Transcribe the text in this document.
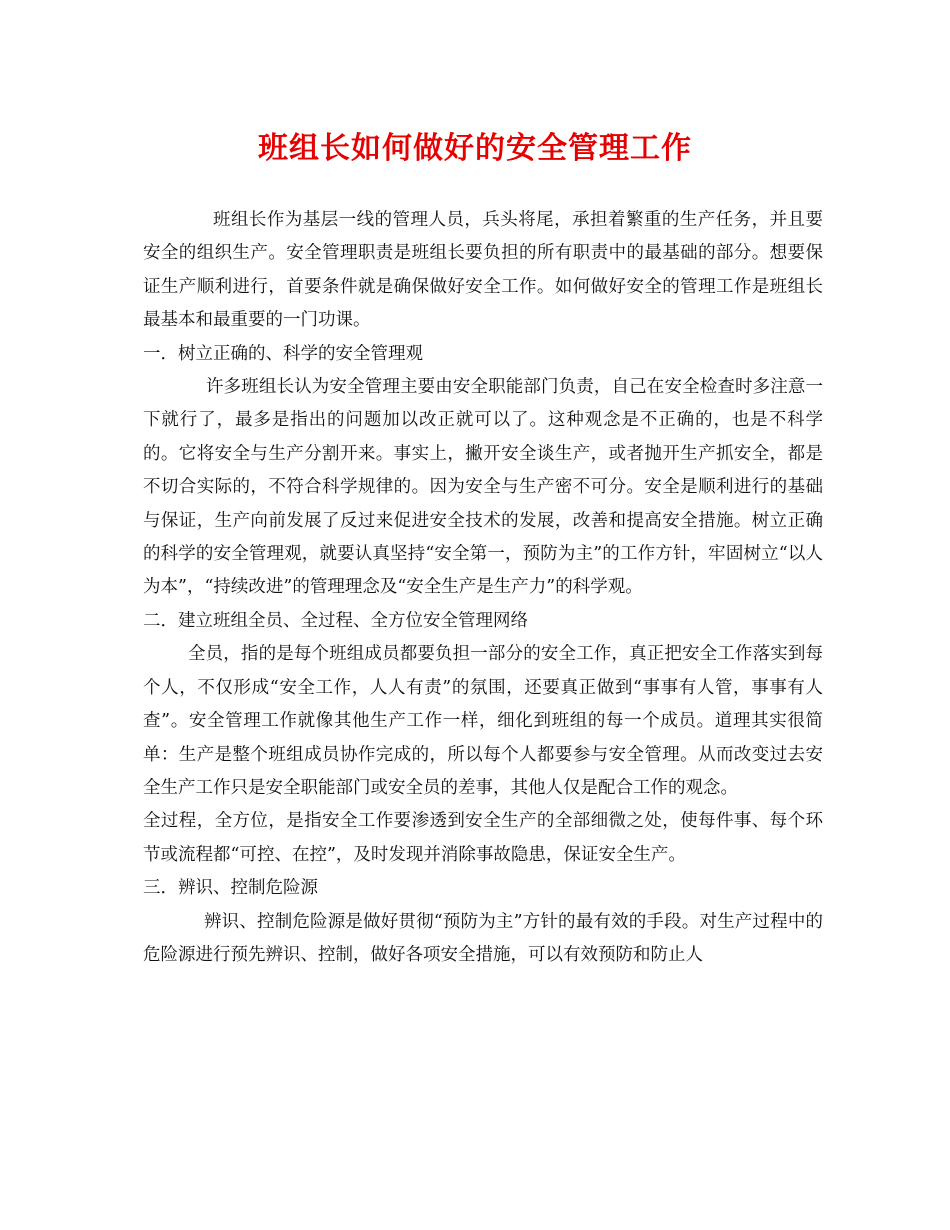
班组长如何做好的安全管理工作

班组长作为基层一线的管理人员，兵头将尾，承担着繁重的生产任务，并且要安全的组织生产。安全管理职责是班组长要负担的所有职责中的最基础的部分。想要保证生产顺利进行，首要条件就是确保做好安全工作。如何做好安全的管理工作是班组长最基本和最重要的一门功课。

一．树立正确的、科学的安全管理观

许多班组长认为安全管理主要由安全职能部门负责，自己在安全检查时多注意一下就行了，最多是指出的问题加以改正就可以了。这种观念是不正确的，也是不科学的。它将安全与生产分割开来。事实上，撇开安全谈生产，或者抛开生产抓安全，都是不切合实际的，不符合科学规律的。因为安全与生产密不可分。安全是顺利进行的基础与保证，生产向前发展了反过来促进安全技术的发展，改善和提高安全措施。树立正确的科学的安全管理观，就要认真坚持“安全第一，预防为主”的工作方针，牢固树立“以人为本”，“持续改进”的管理理念及“安全生产是生产力”的科学观。

二．建立班组全员、全过程、全方位安全管理网络

全员，指的是每个班组成员都要负担一部分的安全工作，真正把安全工作落实到每个人，不仅形成“安全工作，人人有责”的氛围，还要真正做到“事事有人管，事事有人查”。安全管理工作就像其他生产工作一样，细化到班组的每一个成员。道理其实很简单：生产是整个班组成员协作完成的，所以每个人都要参与安全管理。从而改变过去安全生产工作只是安全职能部门或安全员的差事，其他人仅是配合工作的观念。

全过程，全方位，是指安全工作要渗透到安全生产的全部细微之处，使每件事、每个环节或流程都“可控、在控”，及时发现并消除事故隐患，保证安全生产。

三．辨识、控制危险源

辨识、控制危险源是做好贯彻“预防为主”方针的最有效的手段。对生产过程中的危险源进行预先辨识、控制，做好各项安全措施，可以有效预防和防止人
